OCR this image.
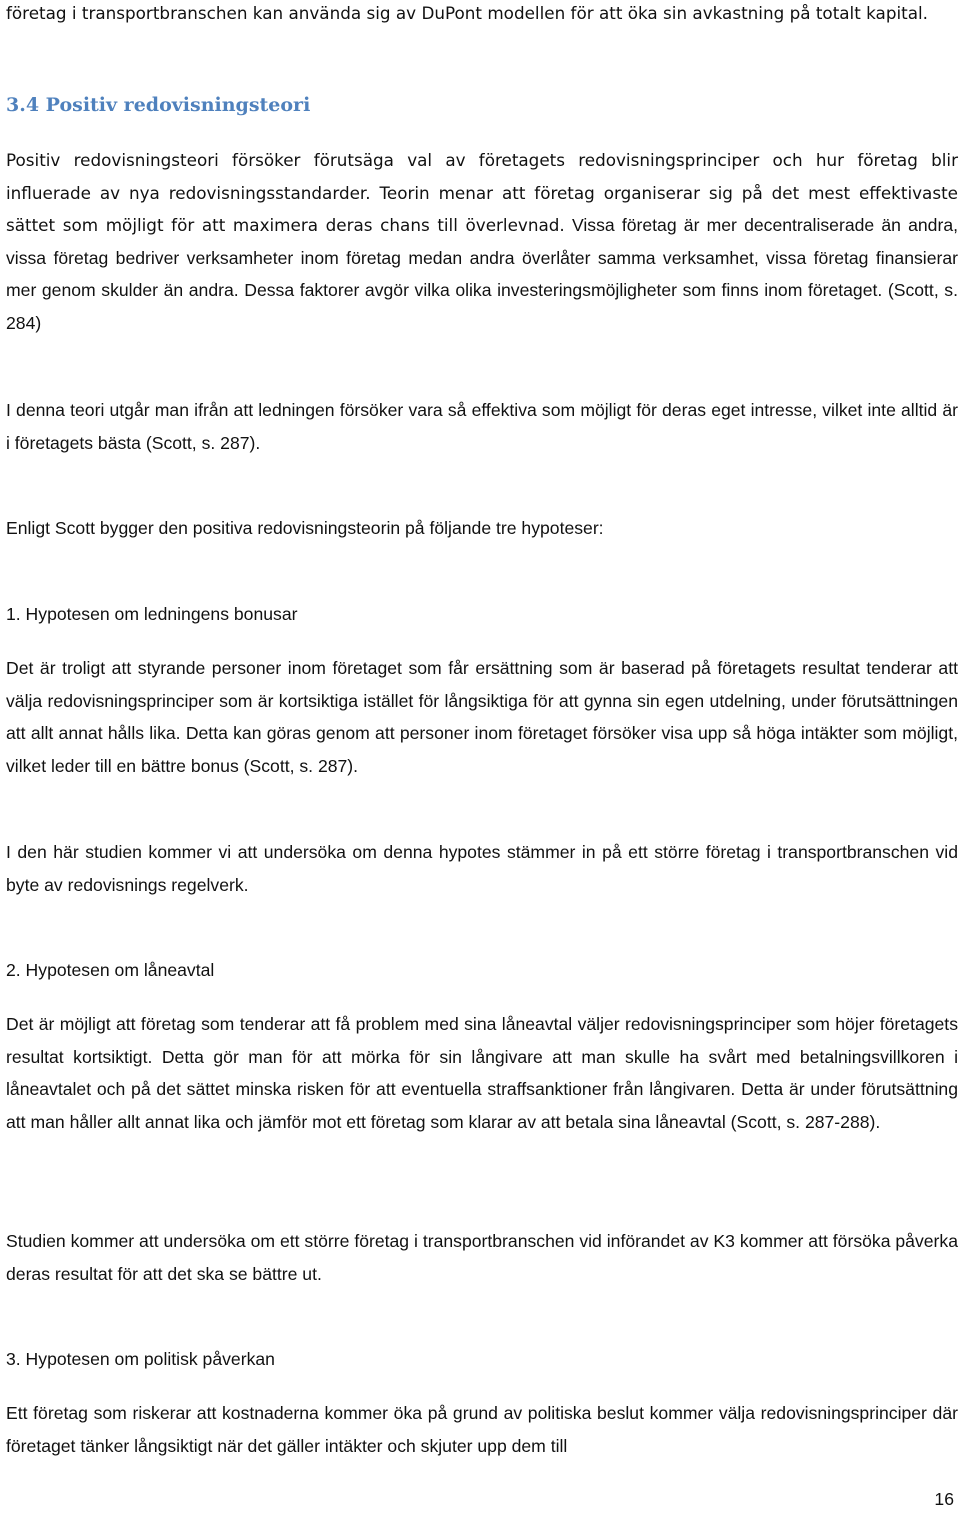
företag i transportbranschen kan använda sig av DuPont modellen för att öka sin avkastning på totalt kapital.

3.4 Positiv redovisningsteori

Positiv redovisningsteori försöker förutsäga val av företagets redovisningsprinciper och hur företag blir influerade av nya redovisningsstandarder. Teorin menar att företag organiserar sig på det mest effektivaste sättet som möjligt för att maximera deras chans till överlevnad. Vissa företag är mer decentraliserade än andra, vissa företag bedriver verksamheter inom företag medan andra överlåter samma verksamhet, vissa företag finansierar mer genom skulder än andra. Dessa faktorer avgör vilka olika investeringsmöjligheter som finns inom företaget. (Scott, s. 284)

I denna teori utgår man ifrån att ledningen försöker vara så effektiva som möjligt för deras eget intresse, vilket inte alltid är i företagets bästa (Scott, s. 287).

Enligt Scott bygger den positiva redovisningsteorin på följande tre hypoteser:

1. Hypotesen om ledningens bonusar

Det är troligt att styrande personer inom företaget som får ersättning som är baserad på företagets resultat tenderar att välja redovisningsprinciper som är kortsiktiga istället för långsiktiga för att gynna sin egen utdelning, under förutsättningen att allt annat hålls lika. Detta kan göras genom att personer inom företaget försöker visa upp så höga intäkter som möjligt, vilket leder till en bättre bonus (Scott, s. 287).

I den här studien kommer vi att undersöka om denna hypotes stämmer in på ett större företag i transportbranschen vid byte av redovisnings regelverk.

2. Hypotesen om låneavtal

Det är möjligt att företag som tenderar att få problem med sina låneavtal väljer redovisningsprinciper som höjer företagets resultat kortsiktigt. Detta gör man för att mörka för sin långivare att man skulle ha svårt med betalningsvillkoren i låneavtalet och på det sättet minska risken för att eventuella straffsanktioner från långivaren. Detta är under förutsättning att man håller allt annat lika och jämför mot ett företag som klarar av att betala sina låneavtal (Scott, s. 287-288).

Studien kommer att undersöka om ett större företag i transportbranschen vid införandet av K3 kommer att försöka påverka deras resultat för att det ska se bättre ut.

3. Hypotesen om politisk påverkan

Ett företag som riskerar att kostnaderna kommer öka på grund av politiska beslut kommer välja redovisningsprinciper där företaget tänker långsiktigt när det gäller intäkter och skjuter upp dem till

16
